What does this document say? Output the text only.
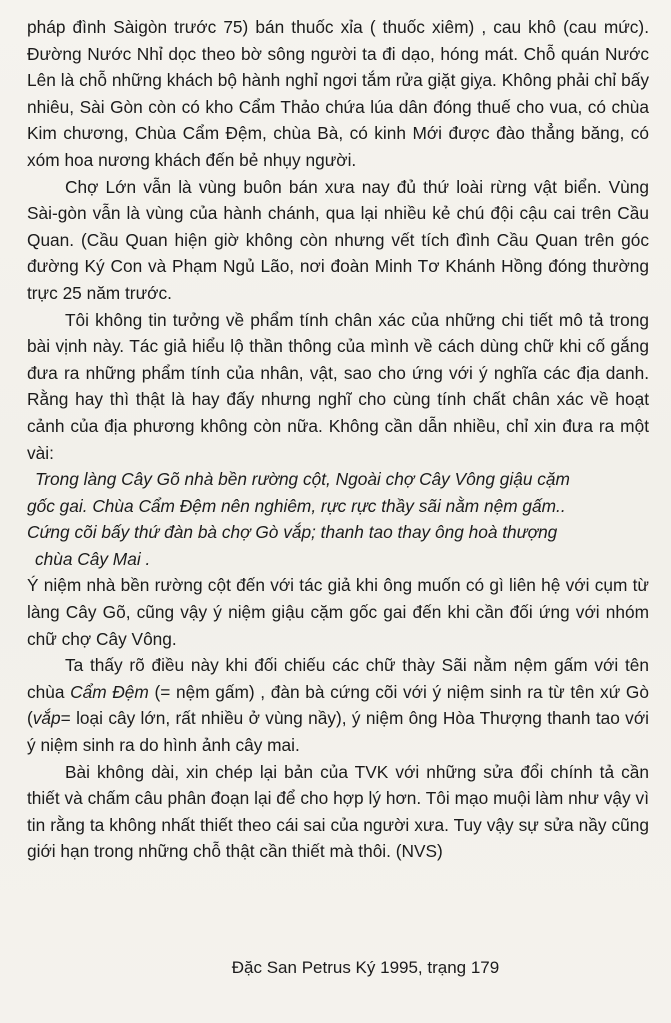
pháp đình Sàigòn trước 75) bán thuốc xỉa ( thuốc xiêm) , cau khô (cau mức). Đường Nước Nhỉ dọc theo bờ sông người ta đi dạo, hóng mát. Chỗ quán Nước Lên là chỗ những khách bộ hành nghỉ ngơi tắm rửa giặt giỵa. Không phải chỉ bấy nhiêu, Sài Gòn còn có kho Cẩm Thảo chứa lúa dân đóng thuế cho vua, có chùa Kim chương, Chùa Cẩm Đệm, chùa Bà, có kinh Mới được đào thẳng băng, có xóm hoa nương khách đến bẻ nhụy người.

Chợ Lớn vẫn là vùng buôn bán xưa nay đủ thứ loài rừng vật biển. Vùng Sài-gòn vẫn là vùng của hành chánh, qua lại nhiều kẻ chú đội cậu cai trên Cầu Quan. (Cầu Quan hiện giờ không còn nhưng vết tích đình Cầu Quan trên góc đường Ký Con và Phạm Ngủ Lão, nơi đoàn Minh Tơ Khánh Hồng đóng thường trực 25 năm trước.

Tôi không tin tưởng về phẩm tính chân xác của những chi tiết mô tả trong bài vịnh này. Tác giả hiểu lộ thần thông của mình về cách dùng chữ khi cố gắng đưa ra những phẩm tính của nhân, vật, sao cho ứng với ý nghĩa các địa danh. Rằng hay thì thật là hay đấy nhưng nghĩ cho cùng tính chất chân xác về hoạt cảnh của địa phương không còn nữa. Không cần dẫn nhiều, chỉ xin đưa ra một vài:

Trong làng Cây Gõ nhà bền rường cột, Ngoài chợ Cây Vông giậu cặm
gốc gai. Chùa Cẩm Đệm nên nghiêm, rực rực thầy sãi nằm nệm gấm..
Cứng cõi bấy thứ đàn bà chợ Gò vắp; thanh tao thay ông hoà thượng
chùa Cây Mai .

Ý niệm nhà bền rường cột đến với tác giả khi ông muốn có gì liên hệ với cụm từ làng Cây Gõ, cũng vậy ý niệm giậu cặm gốc gai đến khi cần đối ứng với nhóm chữ chợ Cây Vông.

Ta thấy rõ điều này khi đối chiếu các chữ thày Sãi nằm nệm gấm với tên chùa Cẩm Đệm (= nệm gấm) , đàn bà cứng cõi với ý niệm sinh ra từ tên xứ Gò (vắp= loại cây lớn, rất nhiều ở vùng nầy), ý niệm ông Hòa Thượng thanh tao với ý niệm sinh ra do hình ảnh cây mai.

Bài không dài, xin chép lại bản của TVK với những sửa đổi chính tả cần thiết và chấm câu phân đoạn lại để cho hợp lý hơn. Tôi mạo muội làm như vậy vì tin rằng ta không nhất thiết theo cái sai của người xưa. Tuy vậy sự sửa nầy cũng giới hạn trong những chỗ thật cần thiết mà thôi. (NVS)

Đặc San Petrus Ký 1995, trạng 179
